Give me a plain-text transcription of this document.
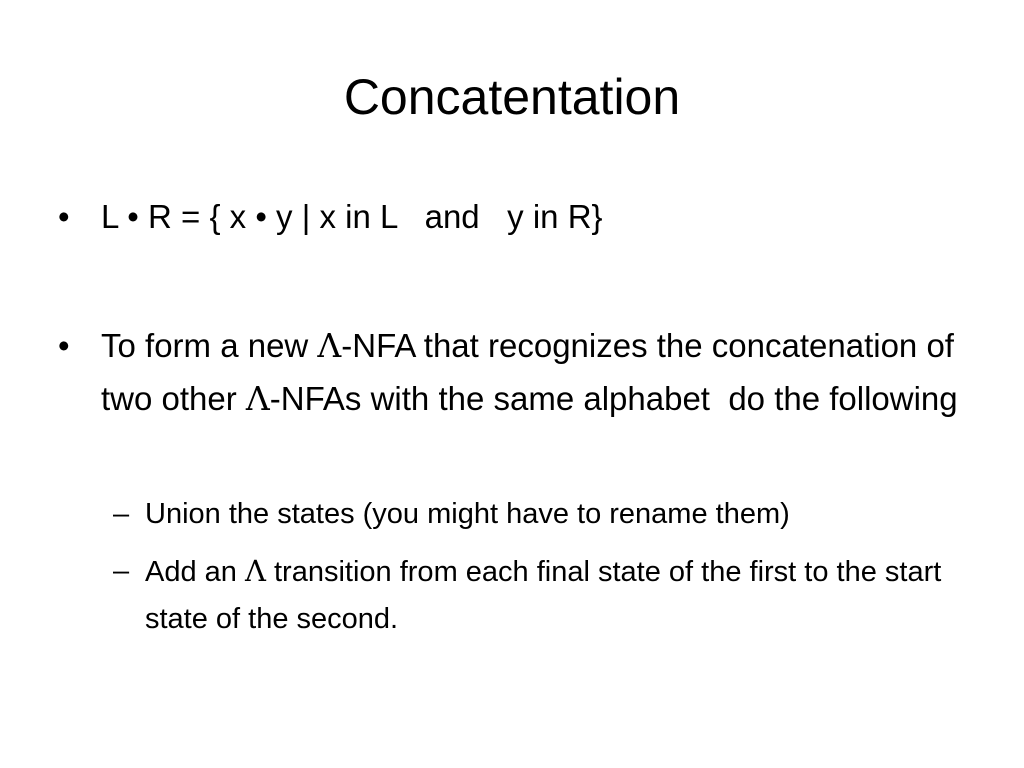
Concatentation
• L • R = { x • y | x in L   and   y in R}
• To form a new Λ-NFA that recognizes the concatenation of two other Λ-NFAs with the same alphabet  do the following
– Union the states (you might have to rename them)
– Add an Λ transition from each final state of the first to the start state of the second.
